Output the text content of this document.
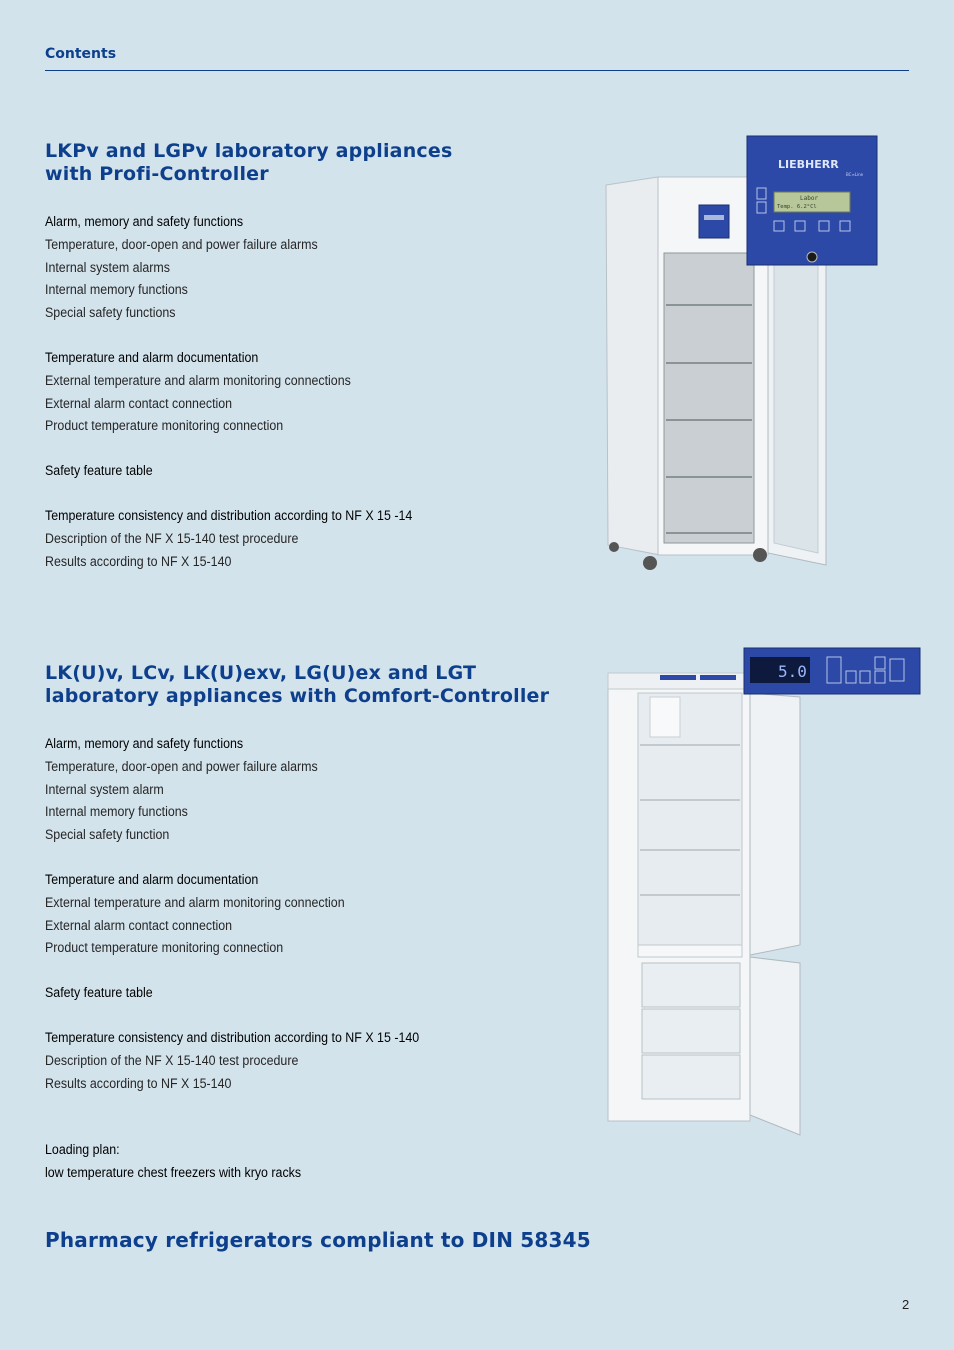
Contents
LKPv and LGPv laboratory appliances
with Profi-Controller
Alarm, memory and safety functions
Temperature, door-open and power failure alarms
Internal system alarms
Internal memory functions
Special safety functions
Temperature and alarm documentation
External temperature and alarm monitoring connections
External alarm contact connection
Product temperature monitoring connection
Safety feature table
Temperature consistency and distribution according to NF X 15 -14
Description of the NF X 15-140 test procedure
Results according to NF X 15-140
LIEBHERR
BC∞Line
Labor
Temp. 6.2°Cl
LK(U)v, LCv, LK(U)exv, LG(U)ex and LGT
laboratory appliances with Comfort-Controller
Alarm, memory and safety functions
Temperature, door-open and power failure alarms
Internal system alarm
Internal memory functions
Special safety function
Temperature and alarm documentation
External temperature and alarm monitoring connection
External alarm contact connection
Product temperature monitoring connection
Safety feature table
Temperature consistency and distribution according to NF X 15 -140
Description of the NF X 15-140 test procedure
Results according to NF X 15-140
Loading plan:
low temperature chest freezers with kryo racks
5.0
Pharmacy refrigerators compliant to DIN 58345
2
